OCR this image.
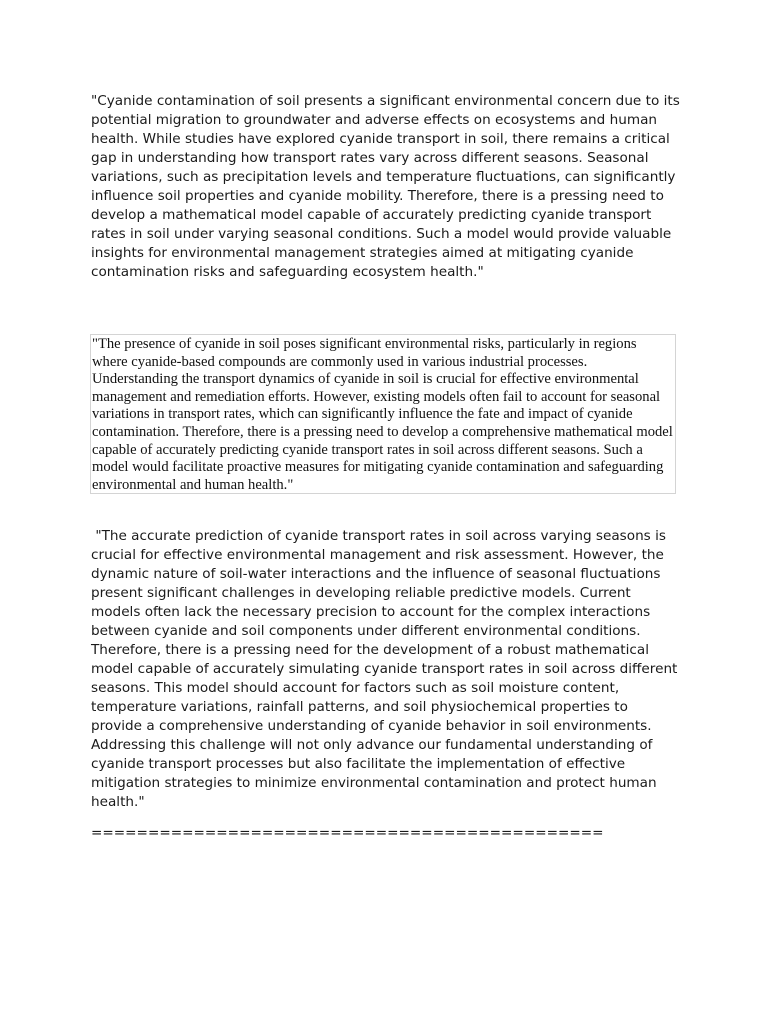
"Cyanide contamination of soil presents a significant environmental concern due to its potential migration to groundwater and adverse effects on ecosystems and human health. While studies have explored cyanide transport in soil, there remains a critical gap in understanding how transport rates vary across different seasons. Seasonal variations, such as precipitation levels and temperature fluctuations, can significantly influence soil properties and cyanide mobility. Therefore, there is a pressing need to develop a mathematical model capable of accurately predicting cyanide transport rates in soil under varying seasonal conditions. Such a model would provide valuable insights for environmental management strategies aimed at mitigating cyanide contamination risks and safeguarding ecosystem health."

"The presence of cyanide in soil poses significant environmental risks, particularly in regions where cyanide-based compounds are commonly used in various industrial processes. Understanding the transport dynamics of cyanide in soil is crucial for effective environmental management and remediation efforts. However, existing models often fail to account for seasonal variations in transport rates, which can significantly influence the fate and impact of cyanide contamination. Therefore, there is a pressing need to develop a comprehensive mathematical model capable of accurately predicting cyanide transport rates in soil across different seasons. Such a model would facilitate proactive measures for mitigating cyanide contamination and safeguarding environmental and human health."

"The accurate prediction of cyanide transport rates in soil across varying seasons is crucial for effective environmental management and risk assessment. However, the dynamic nature of soil-water interactions and the influence of seasonal fluctuations present significant challenges in developing reliable predictive models. Current models often lack the necessary precision to account for the complex interactions between cyanide and soil components under different environmental conditions. Therefore, there is a pressing need for the development of a robust mathematical model capable of accurately simulating cyanide transport rates in soil across different seasons. This model should account for factors such as soil moisture content, temperature variations, rainfall patterns, and soil physiochemical properties to provide a comprehensive understanding of cyanide behavior in soil environments. Addressing this challenge will not only advance our fundamental understanding of cyanide transport processes but also facilitate the implementation of effective mitigation strategies to minimize environmental contamination and protect human health."

=============================================
